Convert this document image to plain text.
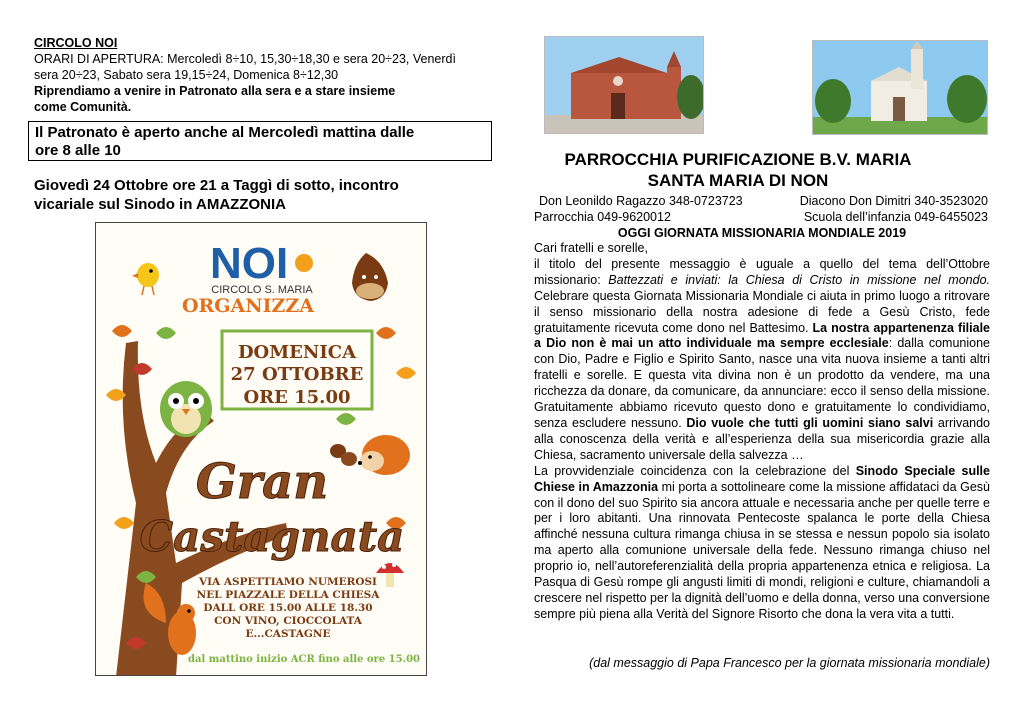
CIRCOLO NOI
ORARI DI APERTURA: Mercoledì 8÷10, 15,30÷18,30 e sera 20÷23, Venerdì
sera 20÷23, Sabato sera 19,15÷24, Domenica 8÷12,30
Riprendiamo a venire in Patronato alla sera e a stare insieme
come Comunità.
Il Patronato è aperto anche al Mercoledì mattina dalle
ore 8 alle 10
Giovedì 24 Ottobre ore 21 a Taggì di sotto, incontro
vicariale sul Sinodo in AMAZZONIA
NOI
CIRCOLO S. MARIA
ORGANIZZA
DOMENICA
27 OTTOBRE
ORE 15.00
Gran
Castagnata
VIA ASPETTIAMO NUMEROSI
NEL PIAZZALE DELLA CHIESA
DALL ORE 15.00 ALLE 18.30
CON VINO, CIOCCOLATA
E...CASTAGNE
dal mattino inizio ACR fino alle ore 15.00
PARROCCHIA PURIFICAZIONE B.V. MARIA
SANTA MARIA DI NON
Don Leonildo Ragazzo 348-0723723	Diacono Don Dimitri 340-3523020
Parrocchia 049-9620012	Scuola dell’infanzia 049-6455023
OGGI GIORNATA MISSIONARIA MONDIALE 2019

Cari fratelli e sorelle,

il titolo del presente messaggio è uguale a quello del tema dell’Ottobre missionario: Battezzati e inviati: la Chiesa di Cristo in missione nel mondo. Celebrare questa Giornata Missionaria Mondiale ci aiuta in primo luogo a ritrovare il senso missionario della nostra adesione di fede a Gesù Cristo, fede gratuitamente ricevuta come dono nel Battesimo. La nostra appartenenza filiale a Dio non è mai un atto individuale ma sempre ecclesiale: dalla comunione con Dio, Padre e Figlio e Spirito Santo, nasce una vita nuova insieme a tanti altri fratelli e sorelle. E questa vita divina non è un prodotto da vendere, ma una ricchezza da donare, da comunicare, da annunciare: ecco il senso della missione. Gratuitamente abbiamo ricevuto questo dono e gratuitamente lo condividiamo, senza escludere nessuno. Dio vuole che tutti gli uomini siano salvi arrivando alla conoscenza della verità e all’esperienza della sua misericordia grazie alla Chiesa, sacramento universale della salvezza …

La provvidenziale coincidenza con la celebrazione del Sinodo Speciale sulle Chiese in Amazzonia mi porta a sottolineare come la missione affidataci da Gesù con il dono del suo Spirito sia ancora attuale e necessaria anche per quelle terre e per i loro abitanti. Una rinnovata Pentecoste spalanca le porte della Chiesa affinché nessuna cultura rimanga chiusa in se stessa e nessun popolo sia isolato ma aperto alla comunione universale della fede. Nessuno rimanga chiuso nel proprio io, nell’autoreferenzialità della propria appartenenza etnica e religiosa. La Pasqua di Gesù rompe gli angusti limiti di mondi, religioni e culture, chiamandoli a crescere nel rispetto per la dignità dell’uomo e della donna, verso una conversione sempre più piena alla Verità del Signore Risorto che dona la vera vita a tutti.

(dal messaggio di Papa Francesco per la giornata missionaria mondiale)
